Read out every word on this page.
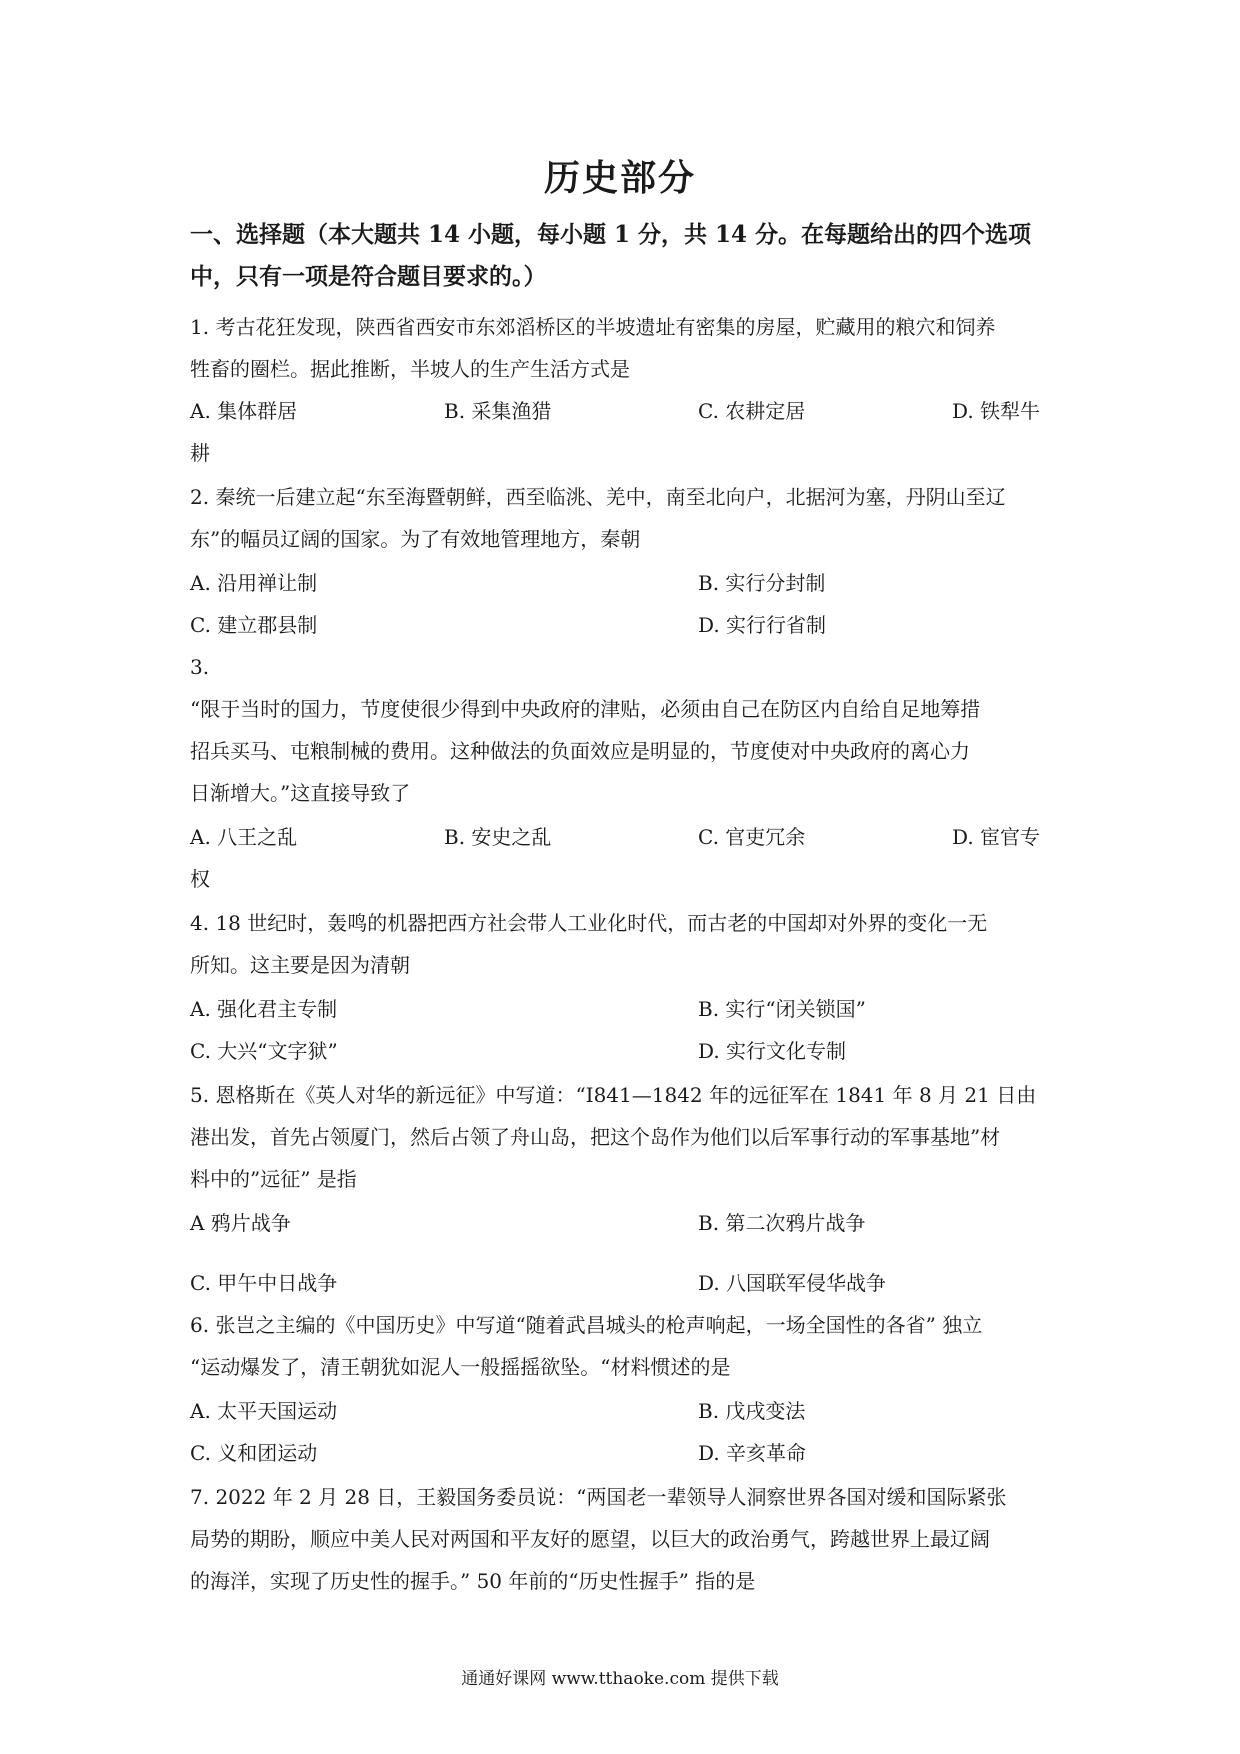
历史部分
一、选择题（本大题共 14 小题，每小题 1 分，共 14 分。在每题给出的四个选项
中，只有一项是符合题目要求的。）
1. 考古花狂发现，陕西省西安市东郊滔桥区的半坡遗址有密集的房屋，贮藏用的粮穴和饲养
牲畜的圈栏。据此推断，半坡人的生产生活方式是
A. 集体群居	B. 采集渔猎	C. 农耕定居	D. 铁犁牛
耕
2. 秦统一后建立起“东至海暨朝鲜，西至临洮、羌中，南至北向户，北据河为塞，丹阴山至辽
东”的幅员辽阔的国家。为了有效地管理地方，秦朝
A. 沿用禅让制	B. 实行分封制
C. 建立郡县制	D. 实行行省制
3.
“限于当时的国力，节度使很少得到中央政府的津贴，必须由自己在防区内自给自足地筹措
招兵买马、屯粮制械的费用。这种做法的负面效应是明显的，节度使对中央政府的离心力
日渐增大。”这直接导致了
A. 八王之乱	B. 安史之乱	C. 官吏冗余	D. 宦官专
权
4. 18 世纪时，轰鸣的机器把西方社会带人工业化时代，而古老的中国却对外界的变化一无
所知。这主要是因为清朝
A. 强化君主专制	B. 实行“闭关锁国”
C. 大兴“文字狱”	D. 实行文化专制
5. 恩格斯在《英人对华的新远征》中写道：“I841—1842 年的远征军在 1841 年 8 月 21 日由
港出发，首先占领厦门，然后占领了舟山岛，把这个岛作为他们以后军事行动的军事基地”材
料中的”远征” 是指
A 鸦片战争	B. 第二次鸦片战争
C. 甲午中日战争	D. 八国联军侵华战争
6. 张岂之主编的《中国历史》中写道“随着武昌城头的枪声响起，一场全国性的各省” 独立
“运动爆发了，清王朝犹如泥人一般摇摇欲坠。“材料惯述的是
A. 太平天国运动	B. 戊戌变法
C. 义和团运动	D. 辛亥革命
7. 2022 年 2 月 28 日，王毅国务委员说：“两国老一辈领导人洞察世界各国对缓和国际紧张
局势的期盼，顺应中美人民对两国和平友好的愿望，以巨大的政治勇气，跨越世界上最辽阔
的海洋，实现了历史性的握手。” 50 年前的“历史性握手” 指的是
通通好课网 www.tthaoke.com 提供下载
